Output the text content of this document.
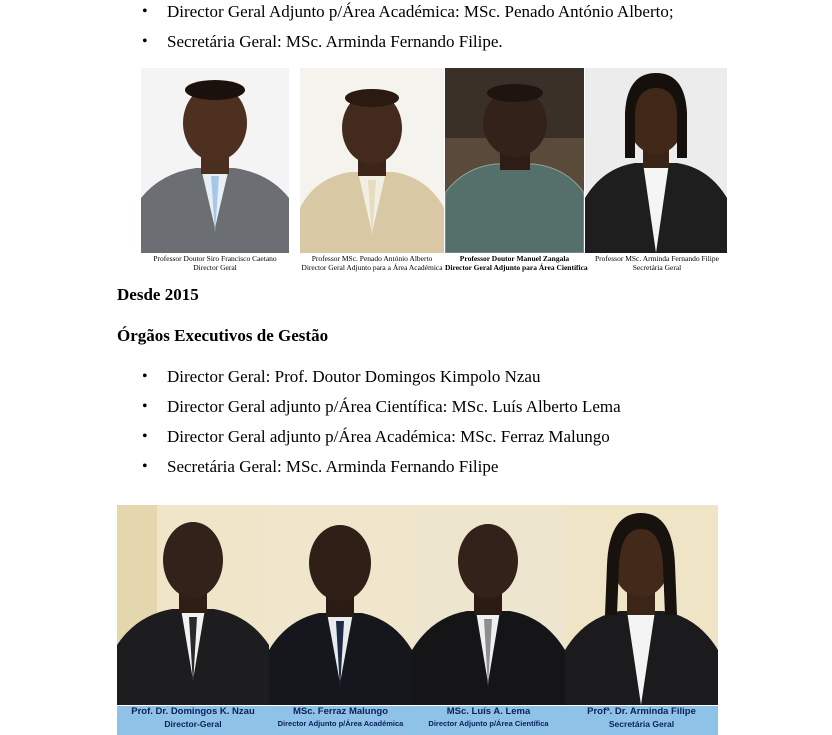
• Director Geral Adjunto p/Área Académica: MSc. Penado António Alberto;
• Secretária Geral: MSc. Arminda Fernando Filipe.
Professor Doutor Siro Francisco Caetano
Director Geral
Professor MSc. Penado António Alberto
Director Geral Adjunto para a Área Académica
Professor Doutor Manuel Zangala
Director Geral Adjunto para Área Científica
Professor MSc. Arminda Fernando Filipe
Secretária Geral
Desde 2015
Órgãos Executivos de Gestão
• Director Geral: Prof. Doutor Domingos Kimpolo Nzau
• Director Geral adjunto p/Área Científica: MSc. Luís Alberto Lema
• Director Geral adjunto p/Área Académica: MSc. Ferraz Malungo
• Secretária Geral: MSc. Arminda Fernando Filipe
Prof. Dr. Domingos K. Nzau
Director-Geral
MSc. Ferraz Malungo
Director Adjunto p/Área Académica
MSc. Luís A. Lema
Director Adjunto p/Área Científica
Profª. Dr. Arminda Filipe
Secretária Geral
